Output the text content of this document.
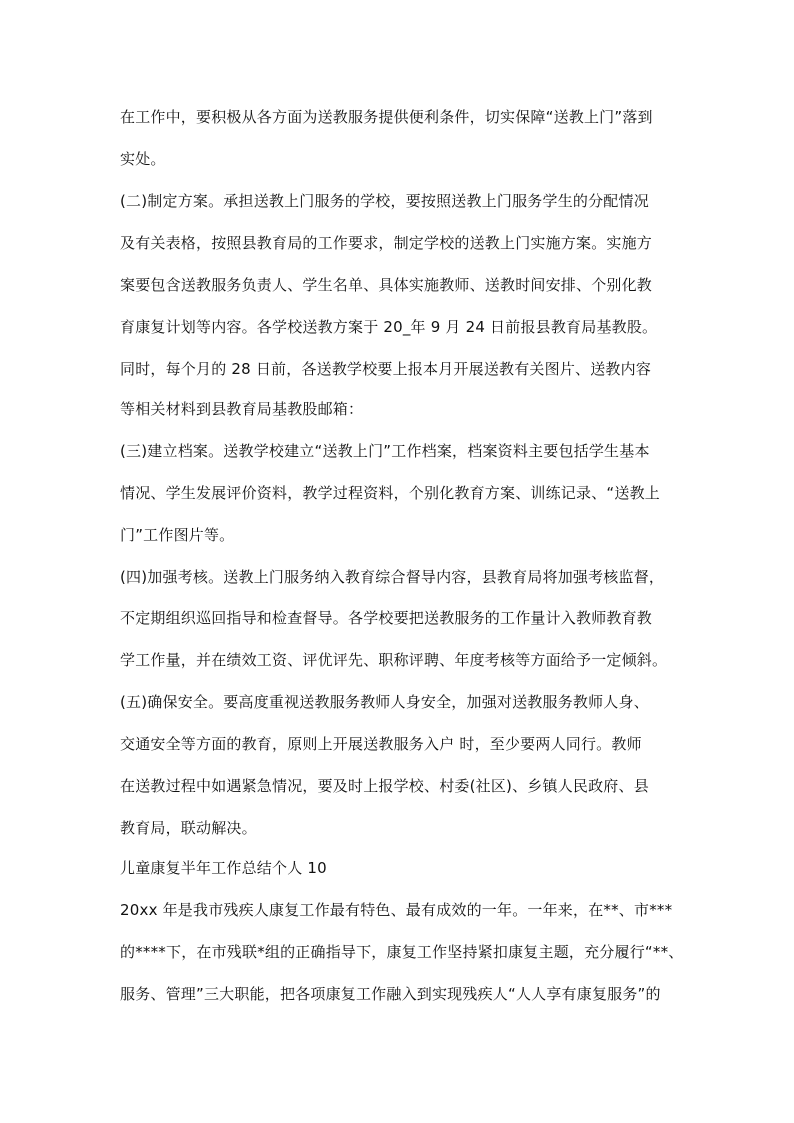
在工作中，要积极从各方面为送教服务提供便利条件，切实保障“送教上门”落到
实处。
(二)制定方案。承担送教上门服务的学校，要按照送教上门服务学生的分配情况
及有关表格，按照县教育局的工作要求，制定学校的送教上门实施方案。实施方
案要包含送教服务负责人、学生名单、具体实施教师、送教时间安排、个别化教
育康复计划等内容。各学校送教方案于 20_年 9 月 24 日前报县教育局基教股。
同时，每个月的 28 日前，各送教学校要上报本月开展送教有关图片、送教内容
等相关材料到县教育局基教股邮箱：
(三)建立档案。送教学校建立“送教上门”工作档案，档案资料主要包括学生基本
情况、学生发展评价资料，教学过程资料，个别化教育方案、训练记录、“送教上
门”工作图片等。
(四)加强考核。送教上门服务纳入教育综合督导内容，县教育局将加强考核监督，
不定期组织巡回指导和检查督导。各学校要把送教服务的工作量计入教师教育教
学工作量，并在绩效工资、评优评先、职称评聘、年度考核等方面给予一定倾斜。
(五)确保安全。要高度重视送教服务教师人身安全，加强对送教服务教师人身、
交通安全等方面的教育，原则上开展送教服务入户 时，至少要两人同行。教师
在送教过程中如遇紧急情况，要及时上报学校、村委(社区)、乡镇人民政府、县
教育局，联动解决。
儿童康复半年工作总结个人 10
20xx 年是我市残疾人康复工作最有特色、最有成效的一年。一年来，在**、市***
的****下，在市残联*组的正确指导下，康复工作坚持紧扣康复主题，充分履行“**、
服务、管理”三大职能，把各项康复工作融入到实现残疾人“人人享有康复服务”的
